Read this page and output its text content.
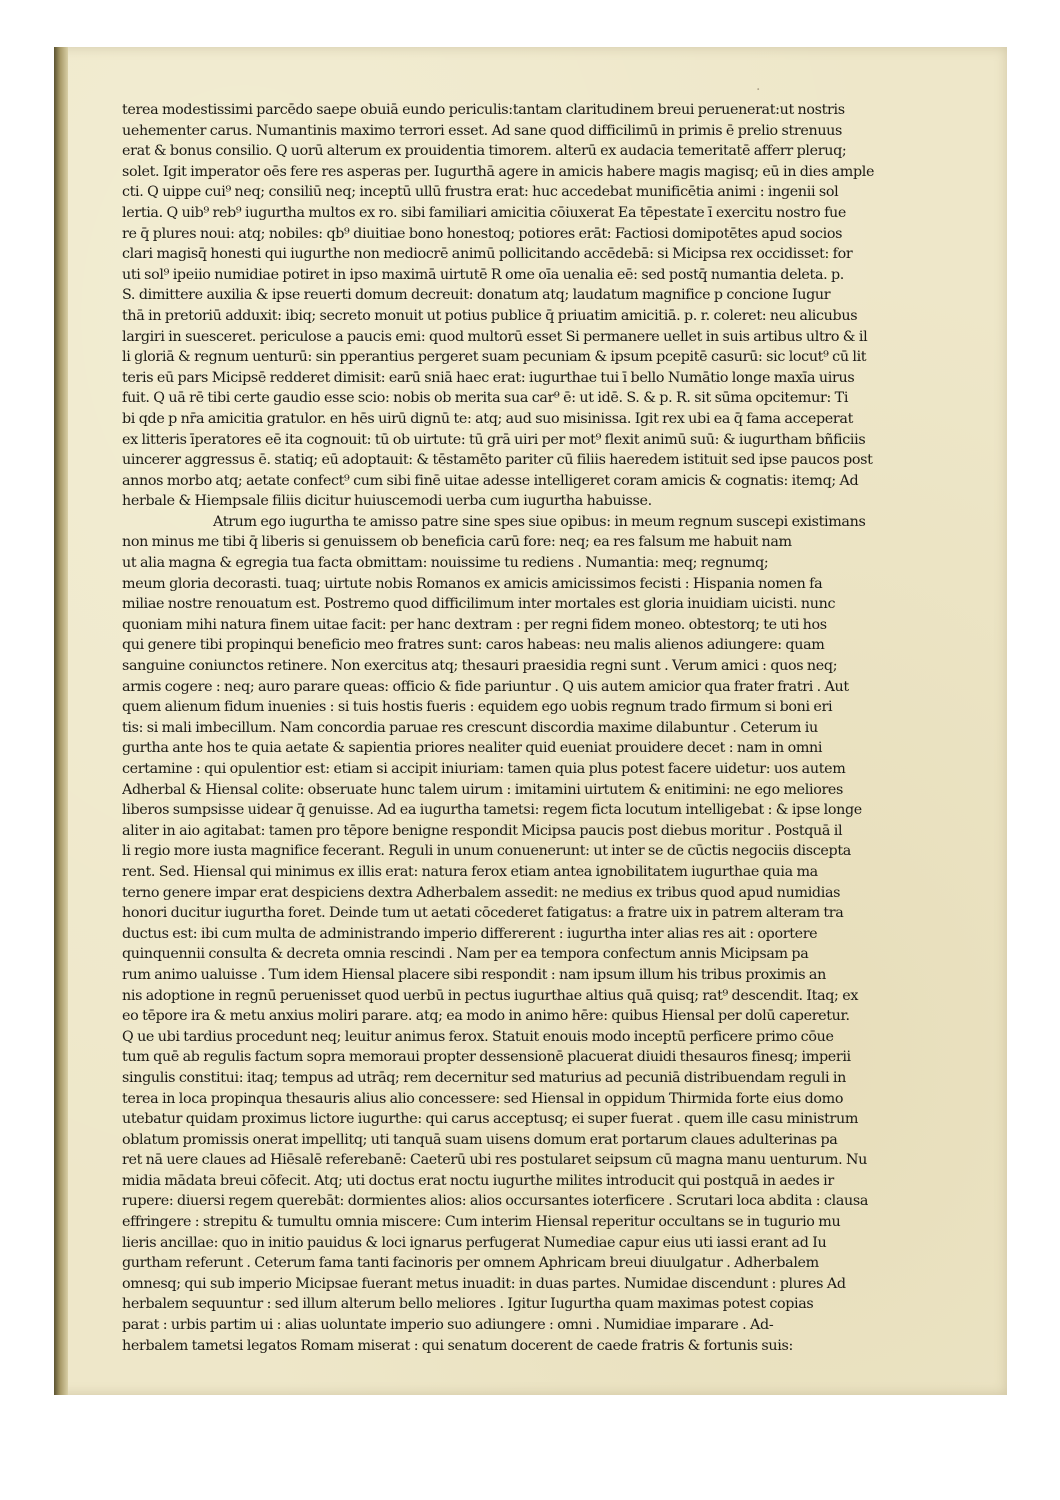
terea modestissimi parcēdo saepe obuiā eundo periculis:tantam claritudinem breui peruenerat:ut nostris
uehementer carus. Numantinis maximo terrori esset. Ad sane quod difficilimū in primis ē prelio strenuus
erat & bonus consilio. Q uorū alterum ex prouidentia timorem. alterū ex audacia temeritatē afferr pleruq;
solet. Igit imperator oēs fere res asperas per. Iugurthā agere in amicis habere magis magisq; eū in dies ample
cti. Q uippe cui⁹ neq; consiliū neq; inceptū ullū frustra erat: huc accedebat munificētia animi : ingenii sol
lertia. Q uib⁹ reb⁹ iugurtha multos ex ro. sibi familiari amicitia cōiuxerat Ea tēpestate ī exercitu nostro fue
re q̄ plures noui: atq; nobiles: qb⁹ diuitiae bono honestoq; potiores erāt: Factiosi domipotētes apud socios
clari magisq̄ honesti qui iugurthe non mediocrē animū pollicitando accēdebā: si Micipsa rex occidisset: for
uti sol⁹ ipeiio numidiae potiret in ipso maximā uirtutē R ome oīa uenalia eē: sed postq̄ numantia deleta. p.
S. dimittere auxilia & ipse reuerti domum decreuit: donatum atq; laudatum magnifice p concione Iugur
thā in pretoriū adduxit: ibiq; secreto monuit ut potius publice q̄ priuatim amicitiā. p. r. coleret: neu alicubus
largiri in suesceret. periculose a paucis emi: quod multorū esset Si permanere uellet in suis artibus ultro & il
li gloriā & regnum uenturū: sin pperantius pergeret suam pecuniam & ipsum pcepitē casurū: sic locut⁹ cū lit
teris eū pars Micipsē redderet dimisit: earū sniā haec erat: iugurthae tui ī bello Numātio longe maxīa uirus
fuit. Q uā rē tibi certe gaudio esse scio: nobis ob merita sua car⁹ ē: ut idē. S. & p. R. sit sūma opcitemur: Ti
bi qde p nr̄a amicitia gratulor. en hēs uirū dignū te: atq; aud suo misinissa. Igit rex ubi ea q̄ fama acceperat
ex litteris īperatores eē ita cognouit: tū ob uirtute: tū grā uiri per mot⁹ flexit animū suū: & iugurtham bñficiis
uincerer aggressus ē. statiq; eū adoptauit: & tēstamēto pariter cū filiis haeredem istituit sed ipse paucos post
annos morbo atq; aetate confect⁹ cum sibi finē uitae adesse intelligeret coram amicis & cognatis: itemq; Ad
herbale & Hiempsale filiis dicitur huiuscemodi uerba cum iugurtha habuisse.
Atrum ego iugurtha te amisso patre sine spes siue opibus: in meum regnum suscepi existimans
non minus me tibi q̄ liberis si genuissem ob beneficia carū fore: neq; ea res falsum me habuit nam
ut alia magna & egregia tua facta obmittam: nouissime tu rediens . Numantia: meq; regnumq;
meum gloria decorasti. tuaq; uirtute nobis Romanos ex amicis amicissimos fecisti : Hispania nomen fa
miliae nostre renouatum est. Postremo quod difficilimum inter mortales est gloria inuidiam uicisti. nunc
quoniam mihi natura finem uitae facit: per hanc dextram : per regni fidem moneo. obtestorq; te uti hos
qui genere tibi propinqui beneficio meo fratres sunt: caros habeas: neu malis alienos adiungere: quam
sanguine coniunctos retinere. Non exercitus atq; thesauri praesidia regni sunt . Verum amici : quos neq;
armis cogere : neq; auro parare queas: officio & fide pariuntur . Q uis autem amicior qua frater fratri . Aut
quem alienum fidum inuenies : si tuis hostis fueris : equidem ego uobis regnum trado firmum si boni eri
tis: si mali imbecillum. Nam concordia paruae res crescunt discordia maxime dilabuntur . Ceterum iu
gurtha ante hos te quia aetate & sapientia priores nealiter quid eueniat prouidere decet : nam in omni
certamine : qui opulentior est: etiam si accipit iniuriam: tamen quia plus potest facere uidetur: uos autem
Adherbal & Hiensal colite: obseruate hunc talem uirum : imitamini uirtutem & enitimini: ne ego meliores
liberos sumpsisse uidear q̄ genuisse. Ad ea iugurtha tametsi: regem ficta locutum intelligebat : & ipse longe
aliter in aio agitabat: tamen pro tēpore benigne respondit Micipsa paucis post diebus moritur . Postquā il
li regio more iusta magnifice fecerant. Reguli in unum conuenerunt: ut inter se de cūctis negociis discepta
rent. Sed. Hiensal qui minimus ex illis erat: natura ferox etiam antea ignobilitatem iugurthae quia ma
terno genere impar erat despiciens dextra Adherbalem assedit: ne medius ex tribus quod apud numidias
honori ducitur iugurtha foret. Deinde tum ut aetati cōcederet fatigatus: a fratre uix in patrem alteram tra
ductus est: ibi cum multa de administrando imperio differerent : iugurtha inter alias res ait : oportere
quinquennii consulta & decreta omnia rescindi . Nam per ea tempora confectum annis Micipsam pa
rum animo ualuisse . Tum idem Hiensal placere sibi respondit : nam ipsum illum his tribus proximis an
nis adoptione in regnū peruenisset quod uerbū in pectus iugurthae altius quā quisq; rat⁹ descendit. Itaq; ex
eo tēpore ira & metu anxius moliri parare. atq; ea modo in animo hēre: quibus Hiensal per dolū caperetur.
Q ue ubi tardius procedunt neq; leuitur animus ferox. Statuit enouis modo inceptū perficere primo cōue
tum quē ab regulis factum sopra memoraui propter dessensionē placuerat diuidi thesauros finesq; imperii
singulis constitui: itaq; tempus ad utrāq; rem decernitur sed maturius ad pecuniā distribuendam reguli in
terea in loca propinqua thesauris alius alio concessere: sed Hiensal in oppidum Thirmida forte eius domo
utebatur quidam proximus lictore iugurthe: qui carus acceptusq; ei super fuerat . quem ille casu ministrum
oblatum promissis onerat impellitq; uti tanquā suam uisens domum erat portarum claues adulterinas pa
ret nā uere claues ad Hiēsalē referebanē: Caeterū ubi res postularet seipsum cū magna manu uenturum. Nu
midia mādata breui cōfecit. Atq; uti doctus erat noctu iugurthe milites introducit qui postquā in aedes ir
rupere: diuersi regem querebāt: dormientes alios: alios occursantes ioterficere . Scrutari loca abdita : clausa
effringere : strepitu & tumultu omnia miscere: Cum interim Hiensal reperitur occultans se in tugurio mu
lieris ancillae: quo in initio pauidus & loci ignarus perfugerat Numediae capur eius uti iassi erant ad Iu
gurtham referunt . Ceterum fama tanti facinoris per omnem Aphricam breui diuulgatur . Adherbalem
omnesq; qui sub imperio Micipsae fuerant metus inuadit: in duas partes. Numidae discendunt : plures Ad
herbalem sequuntur : sed illum alterum bello meliores . Igitur Iugurtha quam maximas potest copias
parat : urbis partim ui : alias uoluntate imperio suo adiungere : omni . Numidiae imparare . Ad-
herbalem tametsi legatos Romam miserat : qui senatum docerent de caede fratris & fortunis suis:
·
